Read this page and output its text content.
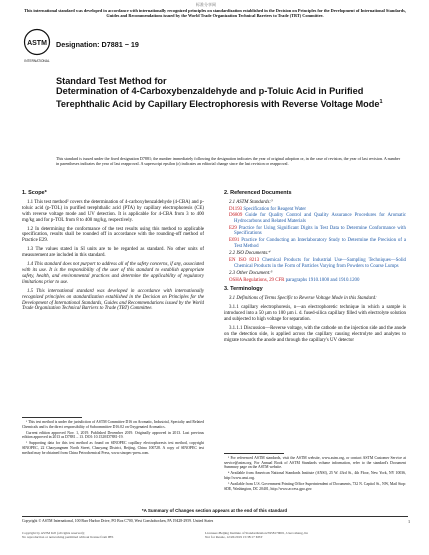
标准分享网
This international standard was developed in accordance with internationally recognized principles on standardization established in the Decision on Principles for the Development of International Standards, Guides and Recommendations issued by the World Trade Organization Technical Barriers to Trade (TBT) Committee.
ASTM
INTERNATIONAL
Designation: D7881 − 19
Standard Test Method for
Determination of 4-Carboxybenzaldehyde and p-Toluic Acid in Purified Terephthalic Acid by Capillary Electrophoresis with Reverse Voltage Mode$^1$
This standard is issued under the fixed designation D7881; the number immediately following the designation indicates the year of original adoption or, in the case of revision, the year of last revision. A number in parentheses indicates the year of last reapproval. A superscript epsilon (ε) indicates an editorial change since the last revision or reapproval.
1. Scope*

1.1 This test method² covers the determination of 4-carboxybenzaldehyde (4-CBA) and p-toluic acid (p-TOL) in purified terephthalic acid (PTA) by capillary electrophoresis (CE) with reverse voltage mode and UV detection. It is applicable for 4-CBA from 3 to 400 mg/kg and for p-TOL from 8 to 400 mg/kg, respectively.

1.2 In determining the conformance of the test results using this method to applicable specification, results shall be rounded off in accordance with the rounding-off method of Practice E29.

1.3 The values stated in SI units are to be regarded as standard. No other units of measurement are included in this standard.

1.4 This standard does not purport to address all of the safety concerns, if any, associated with its use. It is the responsibility of the user of this standard to establish appropriate safety, health, and environmental practices and determine the applicability of regulatory limitations prior to use.

1.5 This international standard was developed in accordance with internationally recognized principles on standardization established in the Decision on Principles for the Development of International Standards, Guides and Recommendations issued by the World Trade Organization Technical Barriers to Trade (TBT) Committee.

2. Referenced Documents
2.1 ASTM Standards:³
D1193 Specification for Reagent Water
D6809 Guide for Quality Control and Quality Assurance Procedures for Aromatic Hydrocarbons and Related Materials
E29 Practice for Using Significant Digits in Test Data to Determine Conformance with Specifications
E691 Practice for Conducting an Interlaboratory Study to Determine the Precision of a Test Method
2.2 ISO Documents:⁴
EN ISO 8213 Chemical Products for Industrial Use—Sampling Techniques—Solid Chemical Products in the Form of Particles Varying from Powders to Coarse Lumps
2.3 Other Document:⁵
OSHA Regulations, 29 CFR paragraphs 1910.1000 and 1910.1200
3. Terminology

3.1 Definitions of Terms Specific to Reverse Voltage Mode in this Standard:

3.1.1 capillary electrophoresis, n—an electrophoretic technique in which a sample is introduced into a 50 µm to 100 µm i. d. fused-silica capillary filled with electrolyte solution and subjected to high voltage for separation.

3.1.1.1 Discussion—Reverse voltage, with the cathode on the injection side and the anode on the detection side, is applied across the capillary causing electrolyte and analytes to migrate towards the anode and through the capillary's UV detector

¹ This test method is under the jurisdiction of ASTM Committee D16 on Aromatic, Industrial, Specialty and Related Chemicals and is the direct responsibility of Subcommittee D16.02 on Oxygenated Aromatics.

Current edition approved Nov. 1, 2019. Published December 2019. Originally approved in 2013. Last previous edition approved in 2013 as D7881 – 13. DOI: 10.1520/D7881-19.

² Supporting data for this test method as found on SINOPEC capillary electrophoresis test method, copyright SINOPEC, 22 Chaoyangmen North Street, Chaoyang District, Beijing, China 100728. A copy of SINOPEC test method may be obtained from China Petrochemical Press, www.sinopec-press.com.

³ For referenced ASTM standards, visit the ASTM website, www.astm.org, or contact ASTM Customer Service at service@astm.org. For Annual Book of ASTM Standards volume information, refer to the standard's Document Summary page on the ASTM website.

⁴ Available from American National Standards Institute (ANSI), 25 W. 43rd St., 4th Floor, New York, NY 10036, http://www.ansi.org.

⁵ Available from U.S. Government Printing Office Superintendent of Documents, 732 N. Capitol St., NW, Mail Stop: SDE, Washington, DC 20401, http://www.access.gpo.gov.

*A Summary of Changes section appears at the end of this standard
Copyright © ASTM International, 100 Barr Harbor Drive, PO Box C700, West Conshohocken, PA 19428-2959. United States	1
Copyright by ASTM Int'l (all rights reserved);
No reproduction or networking permitted without license from IHS
Licensee=Beijing Institute of Standardization/5958179001, User=zhang, lin
Not for Resale, 12/26/2019 15:38:17 MST
